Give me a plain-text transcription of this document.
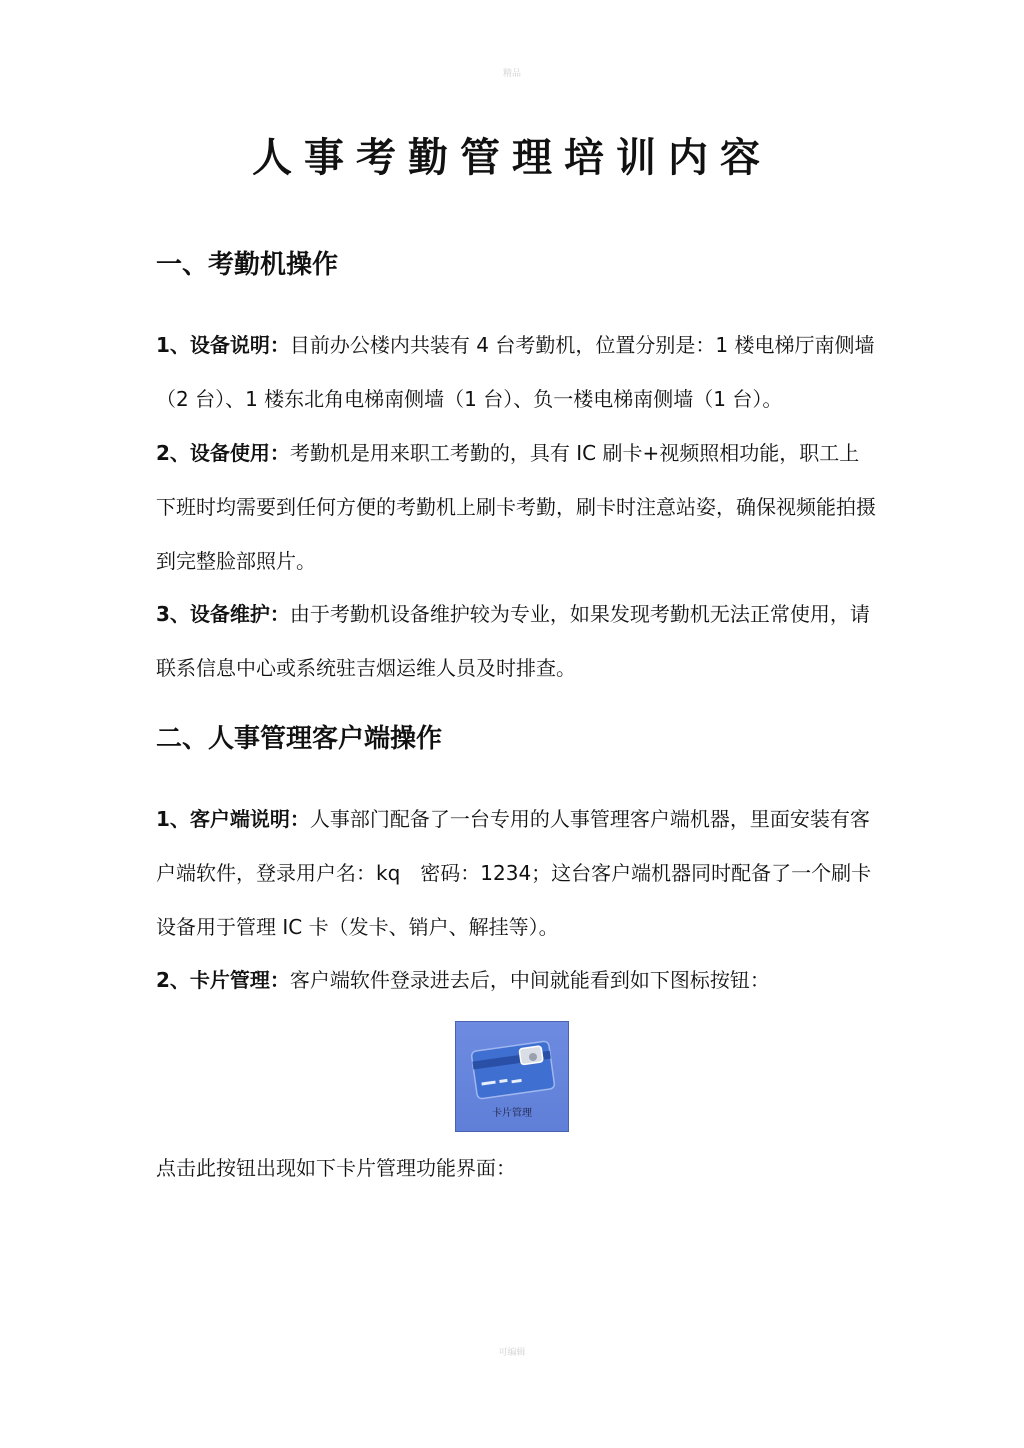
精品
人事考勤管理培训内容
一、考勤机操作

1、设备说明：目前办公楼内共装有 4 台考勤机，位置分别是：1 楼电梯厅南侧墙（2 台）、1 楼东北角电梯南侧墙（1 台）、负一楼电梯南侧墙（1 台）。

2、设备使用：考勤机是用来职工考勤的，具有 IC 刷卡+视频照相功能，职工上下班时均需要到任何方便的考勤机上刷卡考勤，刷卡时注意站姿，确保视频能拍摄到完整脸部照片。

3、设备维护：由于考勤机设备维护较为专业，如果发现考勤机无法正常使用，请联系信息中心或系统驻吉烟运维人员及时排查。

二、人事管理客户端操作

1、客户端说明：人事部门配备了一台专用的人事管理客户端机器，里面安装有客户端软件，登录用户名：kq　密码：1234；这台客户端机器同时配备了一个刷卡设备用于管理 IC 卡（发卡、销户、解挂等）。

2、卡片管理：客户端软件登录进去后，中间就能看到如下图标按钮：

卡片管理

点击此按钮出现如下卡片管理功能界面：

可编辑
